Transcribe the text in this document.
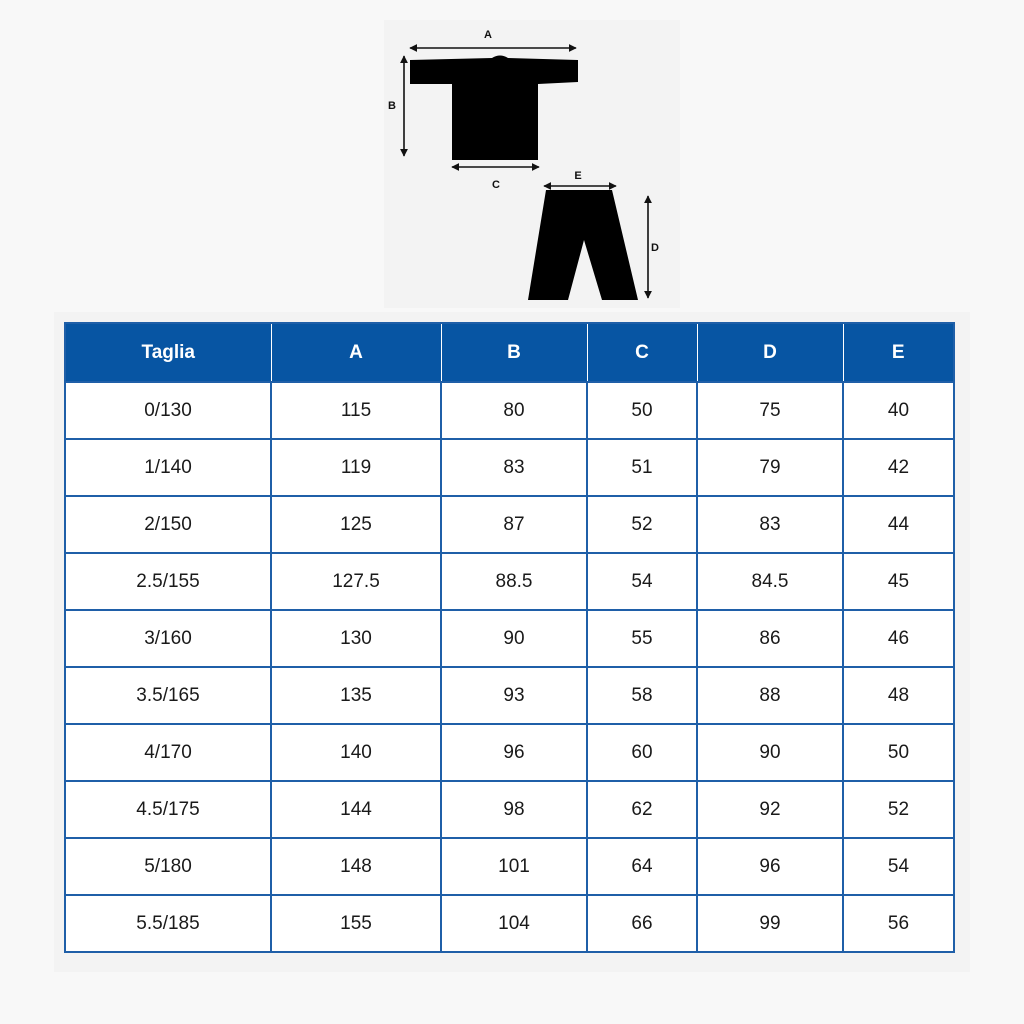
A
B
C
E
D
Taglia	A	B	C	D	E
0/130	115	80	50	75	40
1/140	119	83	51	79	42
2/150	125	87	52	83	44
2.5/155	127.5	88.5	54	84.5	45
3/160	130	90	55	86	46
3.5/165	135	93	58	88	48
4/170	140	96	60	90	50
4.5/175	144	98	62	92	52
5/180	148	101	64	96	54
5.5/185	155	104	66	99	56
